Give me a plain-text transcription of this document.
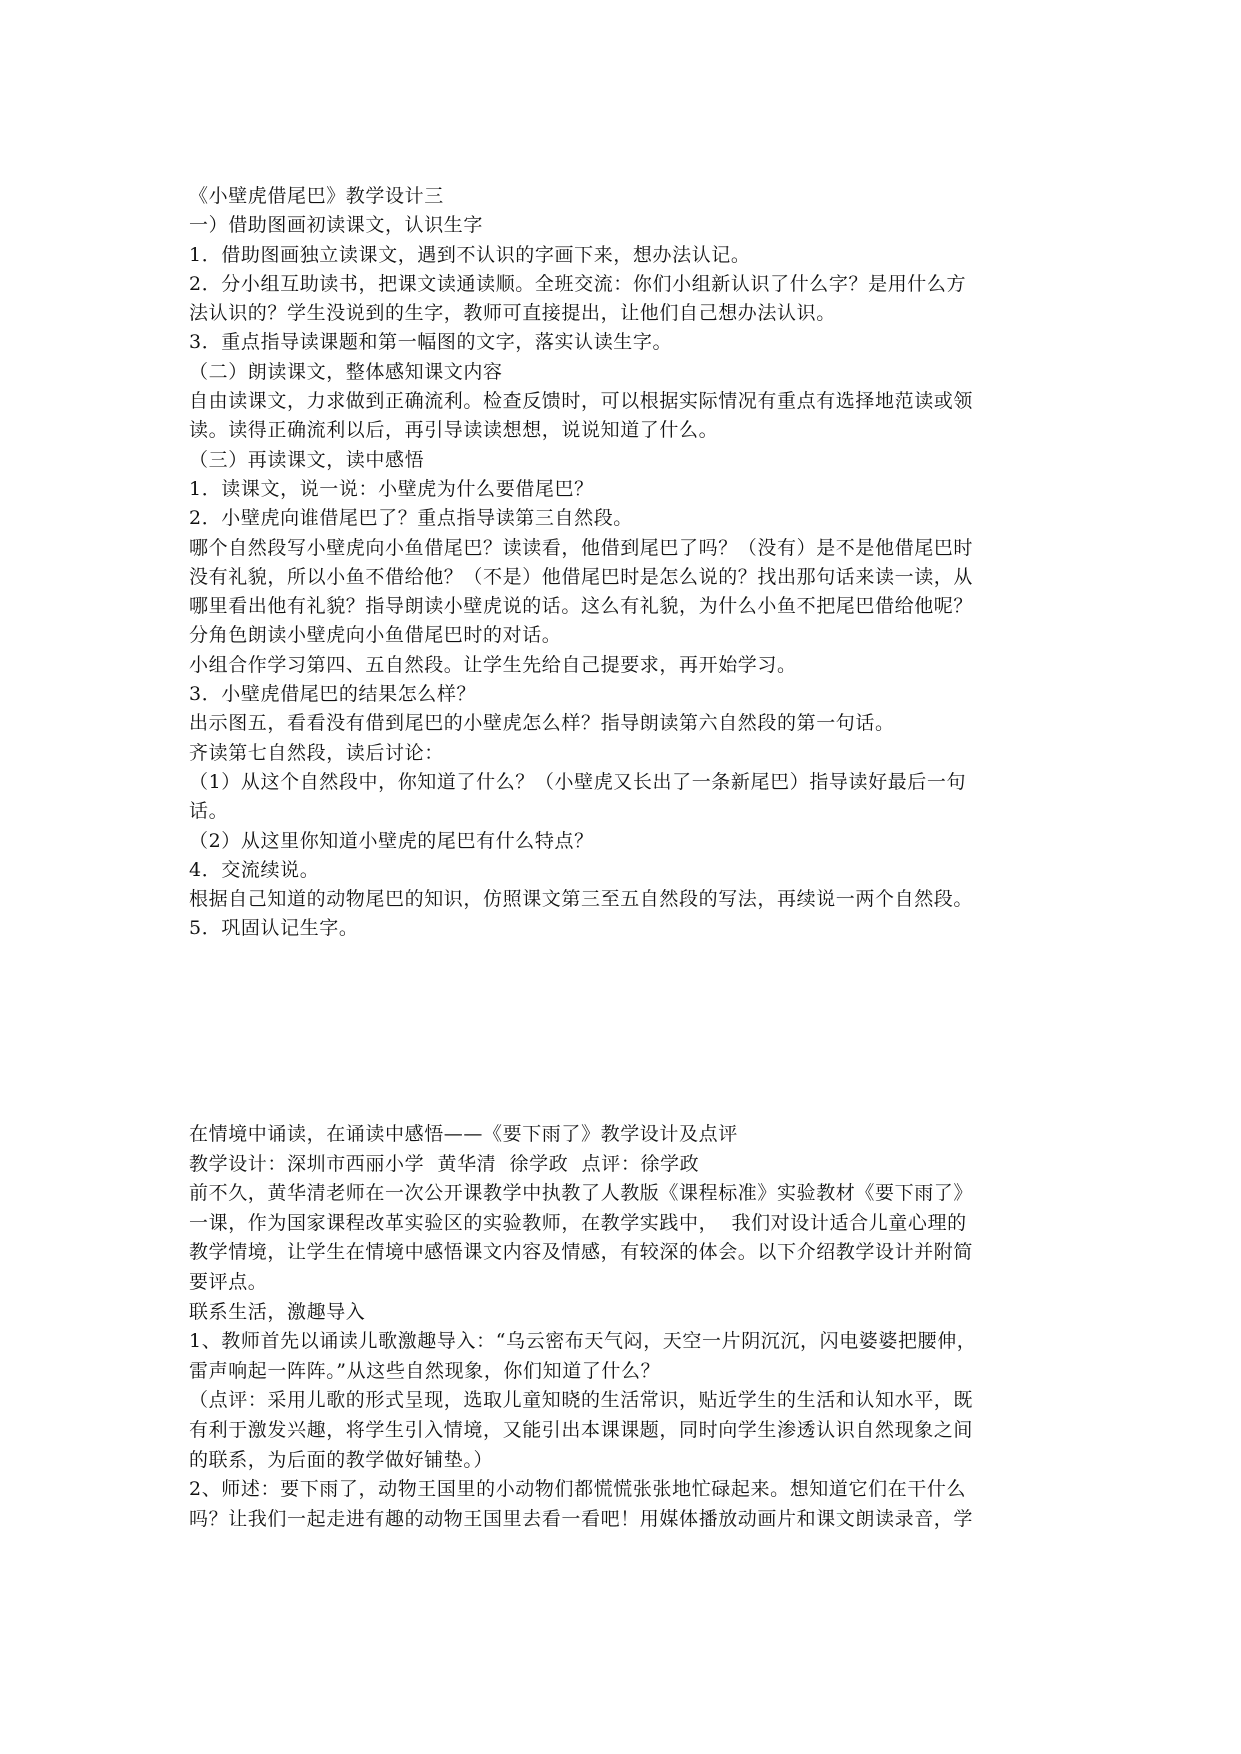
《小壁虎借尾巴》教学设计三

一）借助图画初读课文，认识生字

1．借助图画独立读课文，遇到不认识的字画下来，想办法认记。

2．分小组互助读书，把课文读通读顺。全班交流：你们小组新认识了什么字？是用什么方

法认识的？学生没说到的生字，教师可直接提出，让他们自己想办法认识。

3．重点指导读课题和第一幅图的文字，落实认读生字。

（二）朗读课文，整体感知课文内容

自由读课文，力求做到正确流利。检查反馈时，可以根据实际情况有重点有选择地范读或领

读。读得正确流利以后，再引导读读想想，说说知道了什么。

（三）再读课文，读中感悟

1．读课文，说一说：小壁虎为什么要借尾巴？

2．小壁虎向谁借尾巴了？重点指导读第三自然段。

哪个自然段写小壁虎向小鱼借尾巴？读读看，他借到尾巴了吗？（没有）是不是他借尾巴时

没有礼貌，所以小鱼不借给他？（不是）他借尾巴时是怎么说的？找出那句话来读一读，从

哪里看出他有礼貌？指导朗读小壁虎说的话。这么有礼貌，为什么小鱼不把尾巴借给他呢？

分角色朗读小壁虎向小鱼借尾巴时的对话。

小组合作学习第四、五自然段。让学生先给自己提要求，再开始学习。

3．小壁虎借尾巴的结果怎么样？

出示图五，看看没有借到尾巴的小壁虎怎么样？指导朗读第六自然段的第一句话。

齐读第七自然段，读后讨论：

（1）从这个自然段中，你知道了什么？（小壁虎又长出了一条新尾巴）指导读好最后一句

话。

（2）从这里你知道小壁虎的尾巴有什么特点？

4．交流续说。

根据自己知道的动物尾巴的知识，仿照课文第三至五自然段的写法，再续说一两个自然段。

5．巩固认记生字。

在情境中诵读，在诵读中感悟——《要下雨了》教学设计及点评

教学设计：深圳市西丽小学  黄华清  徐学政  点评：徐学政

前不久，黄华清老师在一次公开课教学中执教了人教版《课程标准》实验教材《要下雨了》

一课，作为国家课程改革实验区的实验教师，在教学实践中，  我们对设计适合儿童心理的

教学情境，让学生在情境中感悟课文内容及情感，有较深的体会。以下介绍教学设计并附简

要评点。

联系生活，激趣导入

1、教师首先以诵读儿歌激趣导入：“乌云密布天气闷，天空一片阴沉沉，闪电婆婆把腰伸，

雷声响起一阵阵。”从这些自然现象，你们知道了什么？

（点评：采用儿歌的形式呈现，选取儿童知晓的生活常识，贴近学生的生活和认知水平，既

有利于激发兴趣，将学生引入情境，又能引出本课课题，同时向学生渗透认识自然现象之间

的联系，为后面的教学做好铺垫。）

2、师述：要下雨了，动物王国里的小动物们都慌慌张张地忙碌起来。想知道它们在干什么

吗？让我们一起走进有趣的动物王国里去看一看吧！用媒体播放动画片和课文朗读录音，学
